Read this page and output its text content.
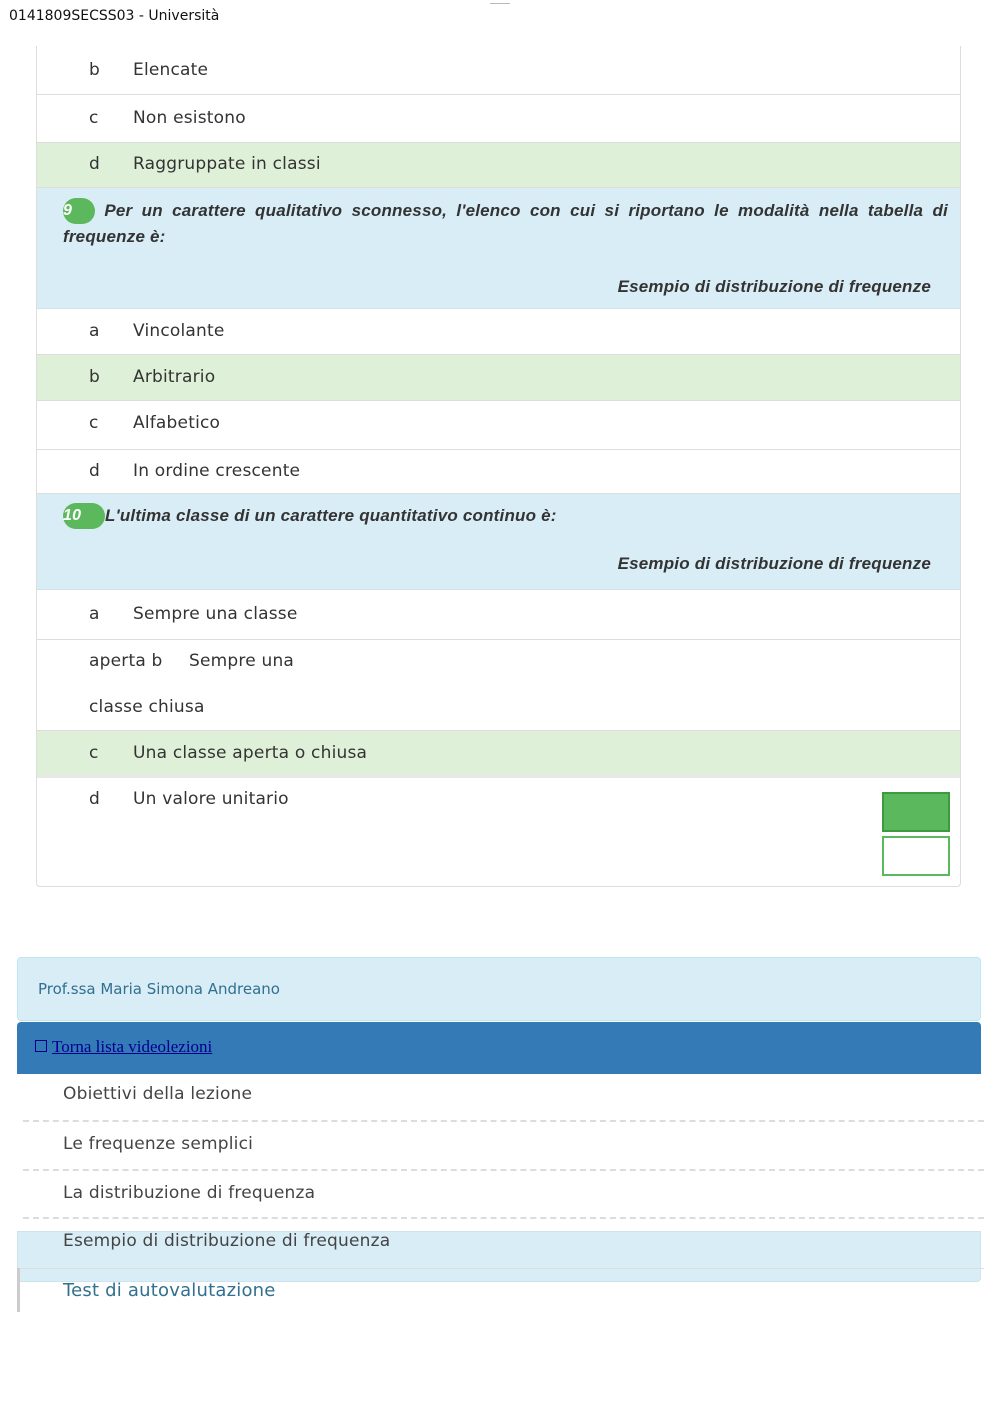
0141809SECSS03 - Università
b Elencate
c Non esistono
d Raggruppate in classi
9 Per un carattere qualitativo sconnesso, l'elenco con cui si riportano le modalità nella tabella di frequenze è:
Esempio di distribuzione di frequenze
a Vincolante
b Arbitrario
c Alfabetico
d In ordine crescente
10 L'ultima classe di un carattere quantitativo continuo è:
Esempio di distribuzione di frequenze
a Sempre una classe
aperta b Sempre una
classe chiusa
c Una classe aperta o chiusa
d Un valore unitario
Prof.ssa Maria Simona Andreano
Torna lista videolezioni
Obiettivi della lezione
Le frequenze semplici
La distribuzione di frequenza
Esempio di distribuzione di frequenza
Test di autovalutazione
